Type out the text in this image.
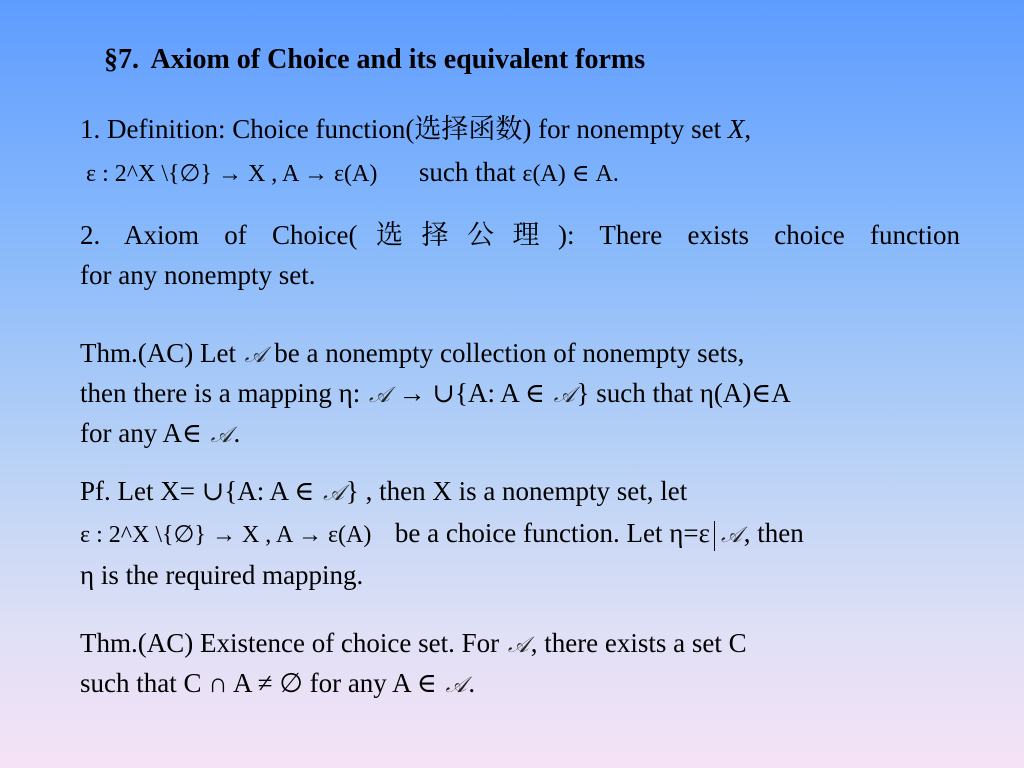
§7. Axiom of Choice and its equivalent forms
1. Definition: Choice function(选择函数) for nonempty set X,
ε : 2^X \{∅} → X , A → ε(A) such that ε(A) ∈ A.
2. Axiom of Choice(选择公理): There exists choice function
for any nonempty set.
Thm.(AC) Let 𝒜 be a nonempty collection of nonempty sets,
then there is a mapping η: 𝒜 → ∪{A: A ∈ 𝒜} such that η(A)∈A
for any A∈ 𝒜.
Pf. Let X= ∪{A: A ∈ 𝒜} , then X is a nonempty set, let
ε : 2^X \{∅} → X , A → ε(A) be a choice function. Let η=ε 𝒜, then
η is the required mapping.
Thm.(AC) Existence of choice set. For 𝒜, there exists a set C
such that C ∩ A ≠ ∅ for any A ∈ 𝒜.
